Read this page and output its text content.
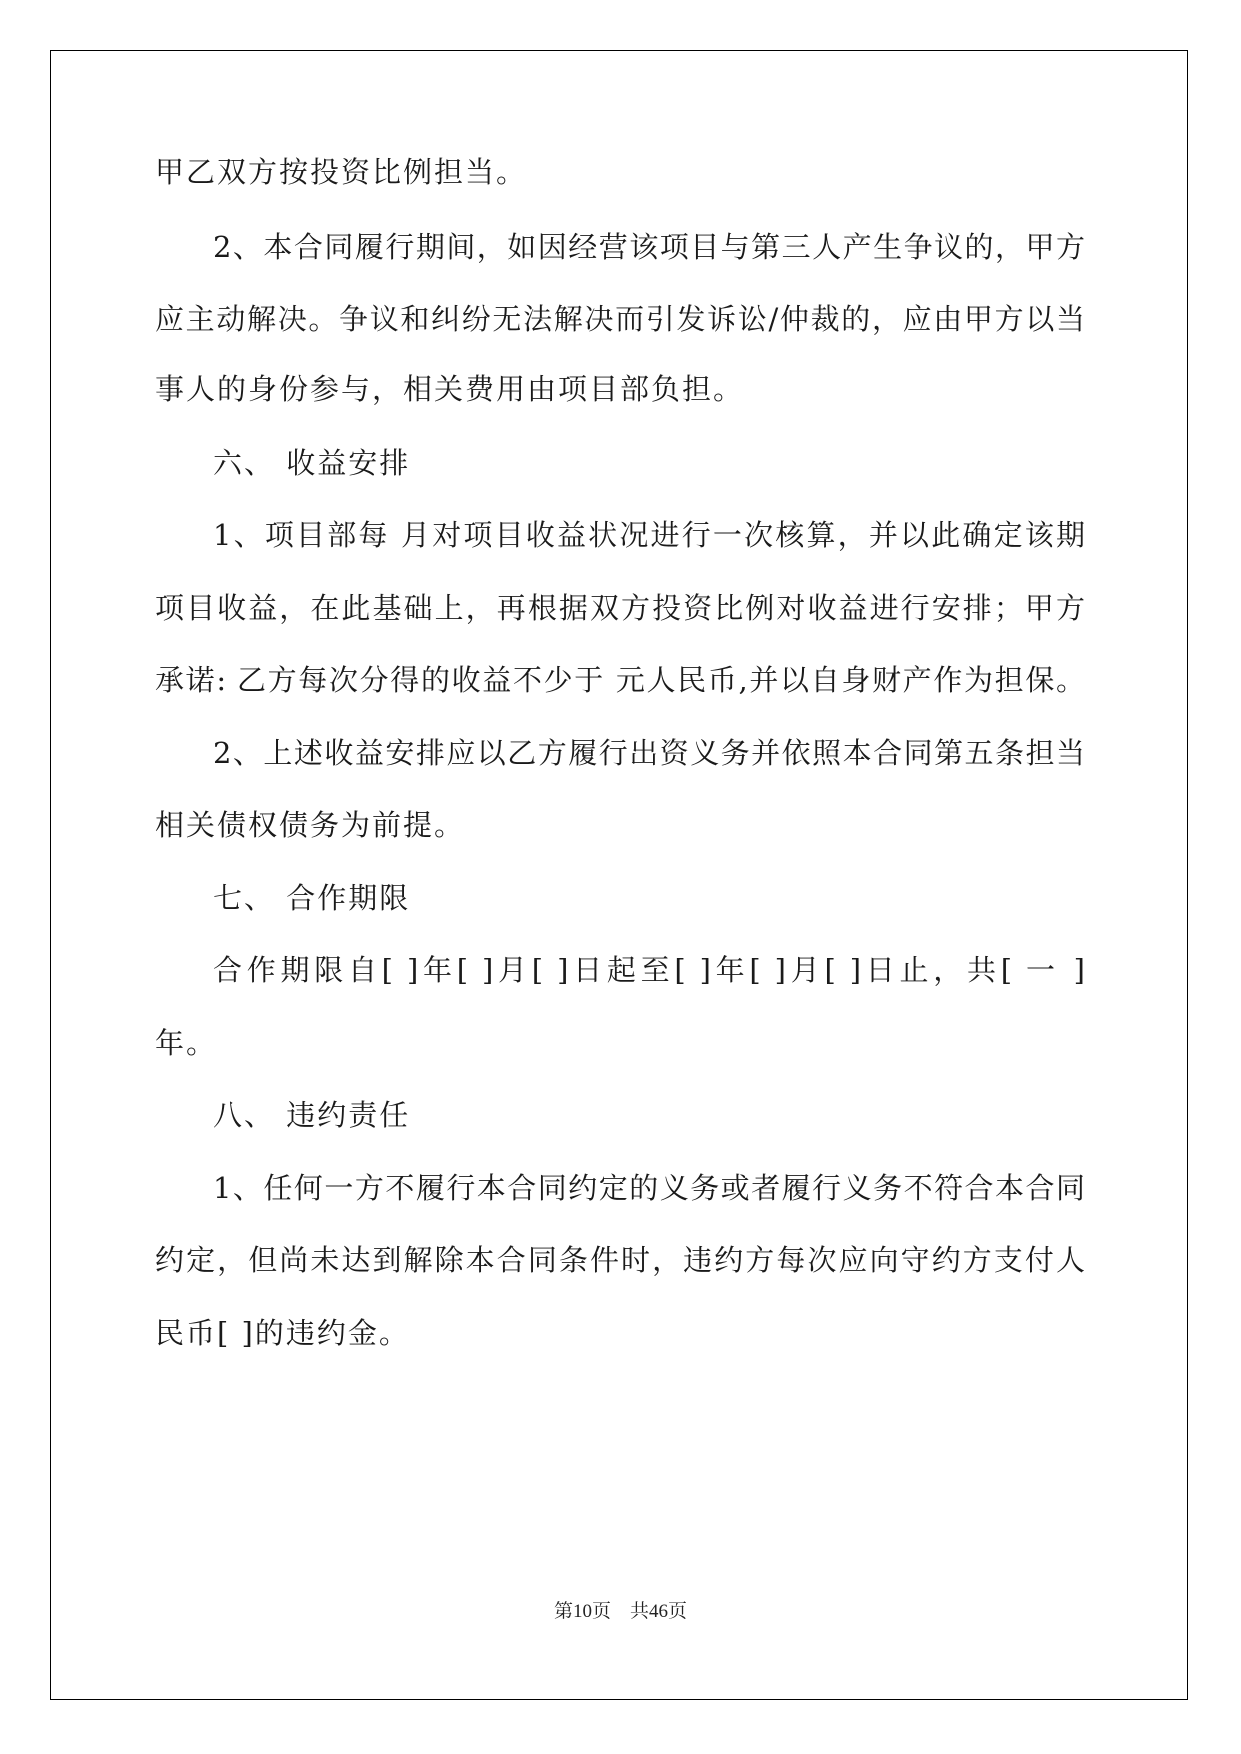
甲乙双方按投资比例担当。
2、本合同履行期间，如因经营该项目与第三人产生争议的，甲方
应主动解决。争议和纠纷无法解决而引发诉讼/仲裁的，应由甲方以当
事人的身份参与，相关费用由项目部负担。
六、 收益安排
1、项目部每 月对项目收益状况进行一次核算，并以此确定该期
项目收益，在此基础上，再根据双方投资比例对收益进行安排；甲方
承诺: 乙方每次分得的收益不少于 元人民币,并以自身财产作为担保。
2、上述收益安排应以乙方履行出资义务并依照本合同第五条担当
相关债权债务为前提。
七、 合作期限
合作期限自[ ]年[ ]月[ ]日起至[ ]年[ ]月[ ]日止，共[ 一 ]
年。
八、 违约责任
1、任何一方不履行本合同约定的义务或者履行义务不符合本合同
约定，但尚未达到解除本合同条件时，违约方每次应向守约方支付人
民币[ ]的违约金。
第10页　共46页
